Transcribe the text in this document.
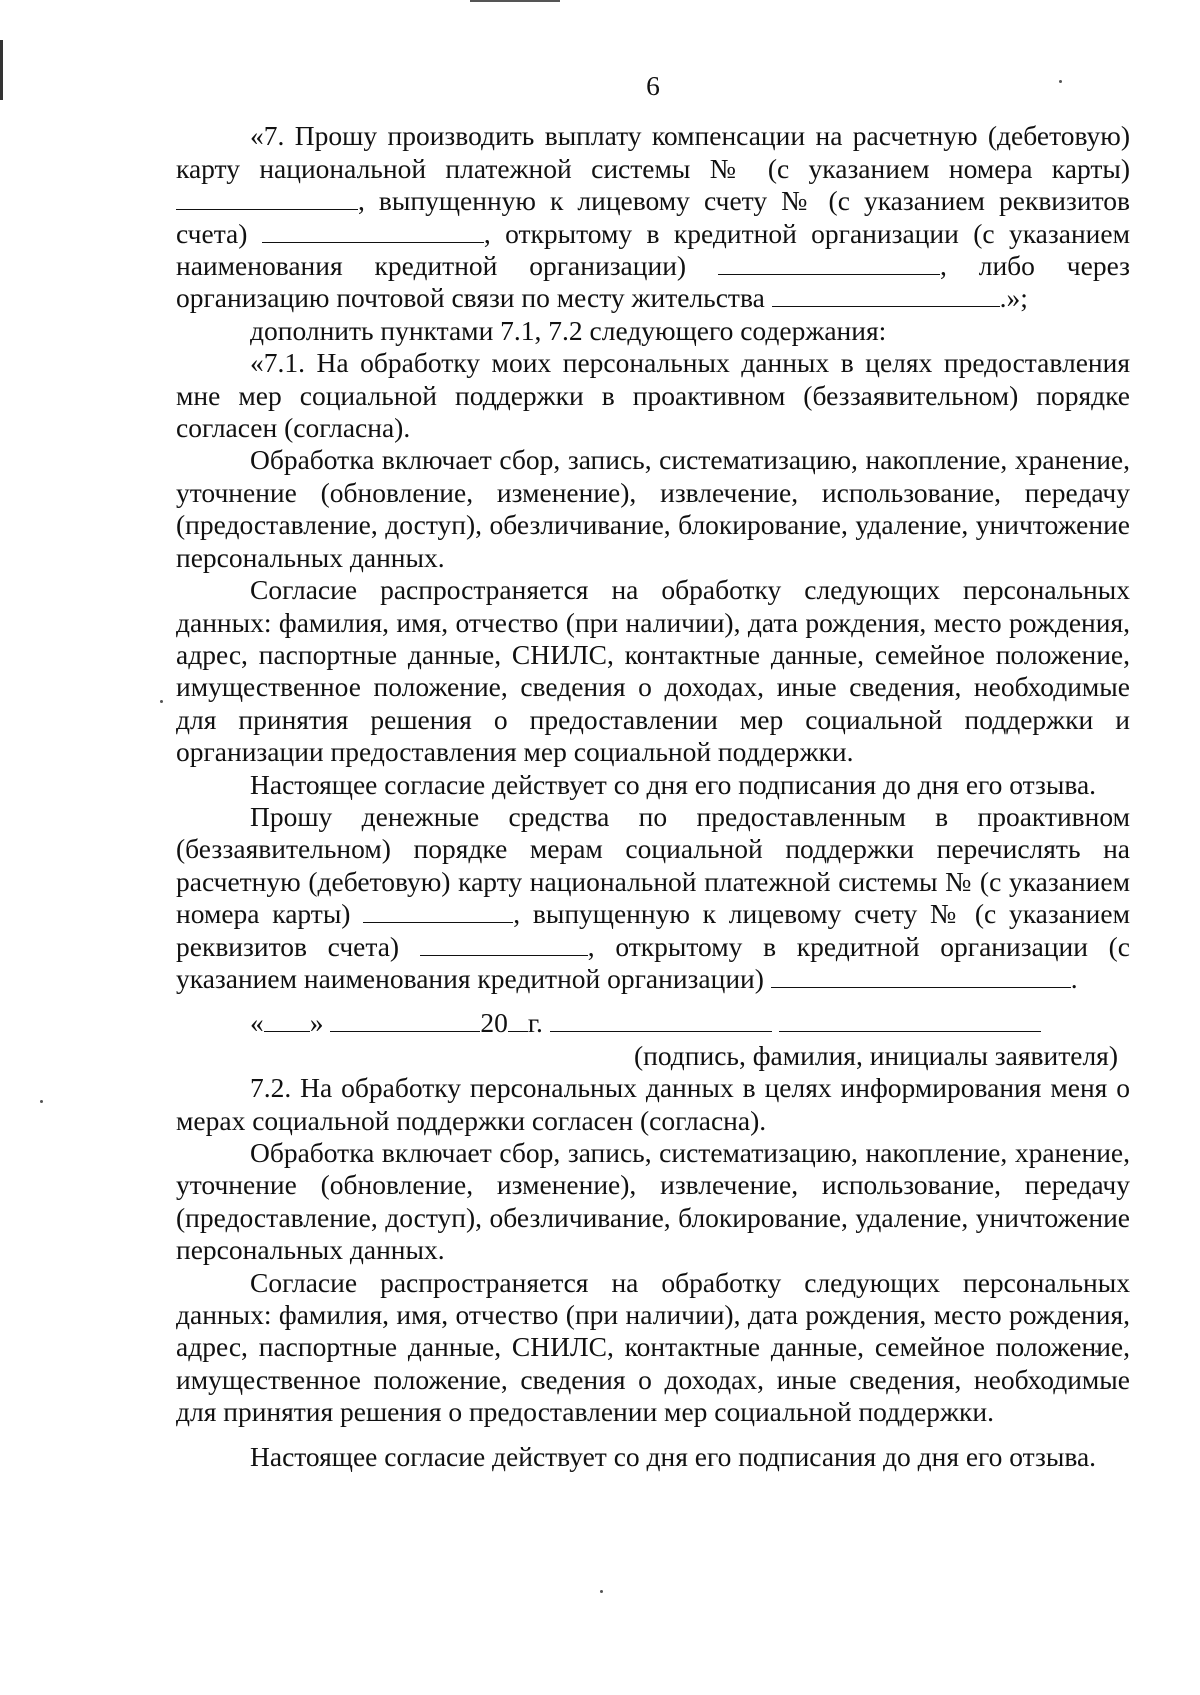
6

«7. Прошу производить выплату компенсации на расчетную (дебетовую) карту национальной платежной системы № (с указанием номера карты) , выпущенную к лицевому счету № (с указанием реквизитов счета)	, открытому в кредитной организации (с указанием наименования кредитной организации)	, либо через организацию почтовой связи по месту жительства	.»;

дополнить пунктами 7.1, 7.2 следующего содержания:

«7.1. На обработку моих персональных данных в целях предоставления мне мер социальной поддержки в проактивном (беззаявительном) порядке согласен (согласна).

Обработка включает сбор, запись, систематизацию, накопление, хранение, уточнение (обновление, изменение), извлечение, использование, передачу (предоставление, доступ), обезличивание, блокирование, удаление, уничтожение персональных данных.

Согласие распространяется на обработку следующих персональных данных: фамилия, имя, отчество (при наличии), дата рождения, место рождения, адрес, паспортные данные, СНИЛС, контактные данные, семейное положение, имущественное положение, сведения о доходах, иные сведения, необходимые для принятия решения о предоставлении мер социальной поддержки и организации предоставления мер социальной поддержки.

Настоящее согласие действует со дня его подписания до дня его отзыва.

Прошу денежные средства по предоставленным в проактивном (беззаявительном) порядке мерам социальной поддержки перечислять на расчетную (дебетовую) карту национальной платежной системы № (с указанием номера карты)	, выпущенную к лицевому счету № (с указанием реквизитов счета)	, открытому в кредитной организации (с указанием наименования кредитной организации)	.

« »	20 г.
(подпись, фамилия, инициалы заявителя)

7.2. На обработку персональных данных в целях информирования меня о мерах социальной поддержки согласен (согласна).

Обработка включает сбор, запись, систематизацию, накопление, хранение, уточнение (обновление, изменение), извлечение, использование, передачу (предоставление, доступ), обезличивание, блокирование, удаление, уничтожение персональных данных.

Согласие распространяется на обработку следующих персональных данных: фамилия, имя, отчество (при наличии), дата рождения, место рождения, адрес, паспортные данные, СНИЛС, контактные данные, семейное положение, имущественное положение, сведения о доходах, иные сведения, необходимые для принятия решения о предоставлении мер социальной поддержки.

Настоящее согласие действует со дня его подписания до дня его отзыва.
